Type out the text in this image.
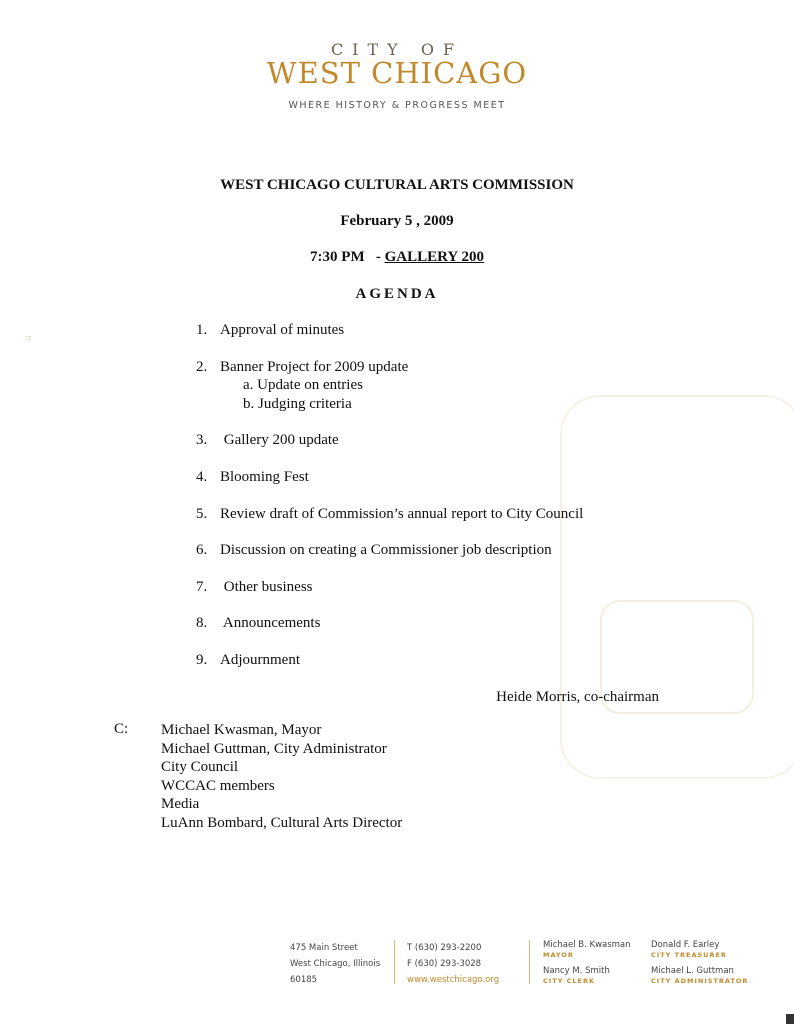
::
CITY OF
WEST CHICAGO
WHERE HISTORY & PROGRESS MEET
WEST CHICAGO CULTURAL ARTS COMMISSION
February 5 , 2009
7:30 PM - GALLERY 200
AGENDA
1. Approval of minutes
2. Banner Project for 2009 update
a. Update on entries
b. Judging criteria
3. Gallery 200 update
4. Blooming Fest
5. Review draft of Commission’s annual report to City Council
6. Discussion on creating a Commissioner job description
7. Other business
8. Announcements
9. Adjournment
Heide Morris, co-chairman
C: Michael Kwasman, Mayor
Michael Guttman, City Administrator
City Council
WCCAC members
Media
LuAnn Bombard, Cultural Arts Director
475 Main Street
West Chicago, Illinois
60185
T (630) 293-2200
F (630) 293-3028
www.westchicago.org
Michael B. Kwasman
MAYOR
Donald F. Earley
CITY TREASURER
Nancy M. Smith
CITY CLERK
Michael L. Guttman
CITY ADMINISTRATOR
